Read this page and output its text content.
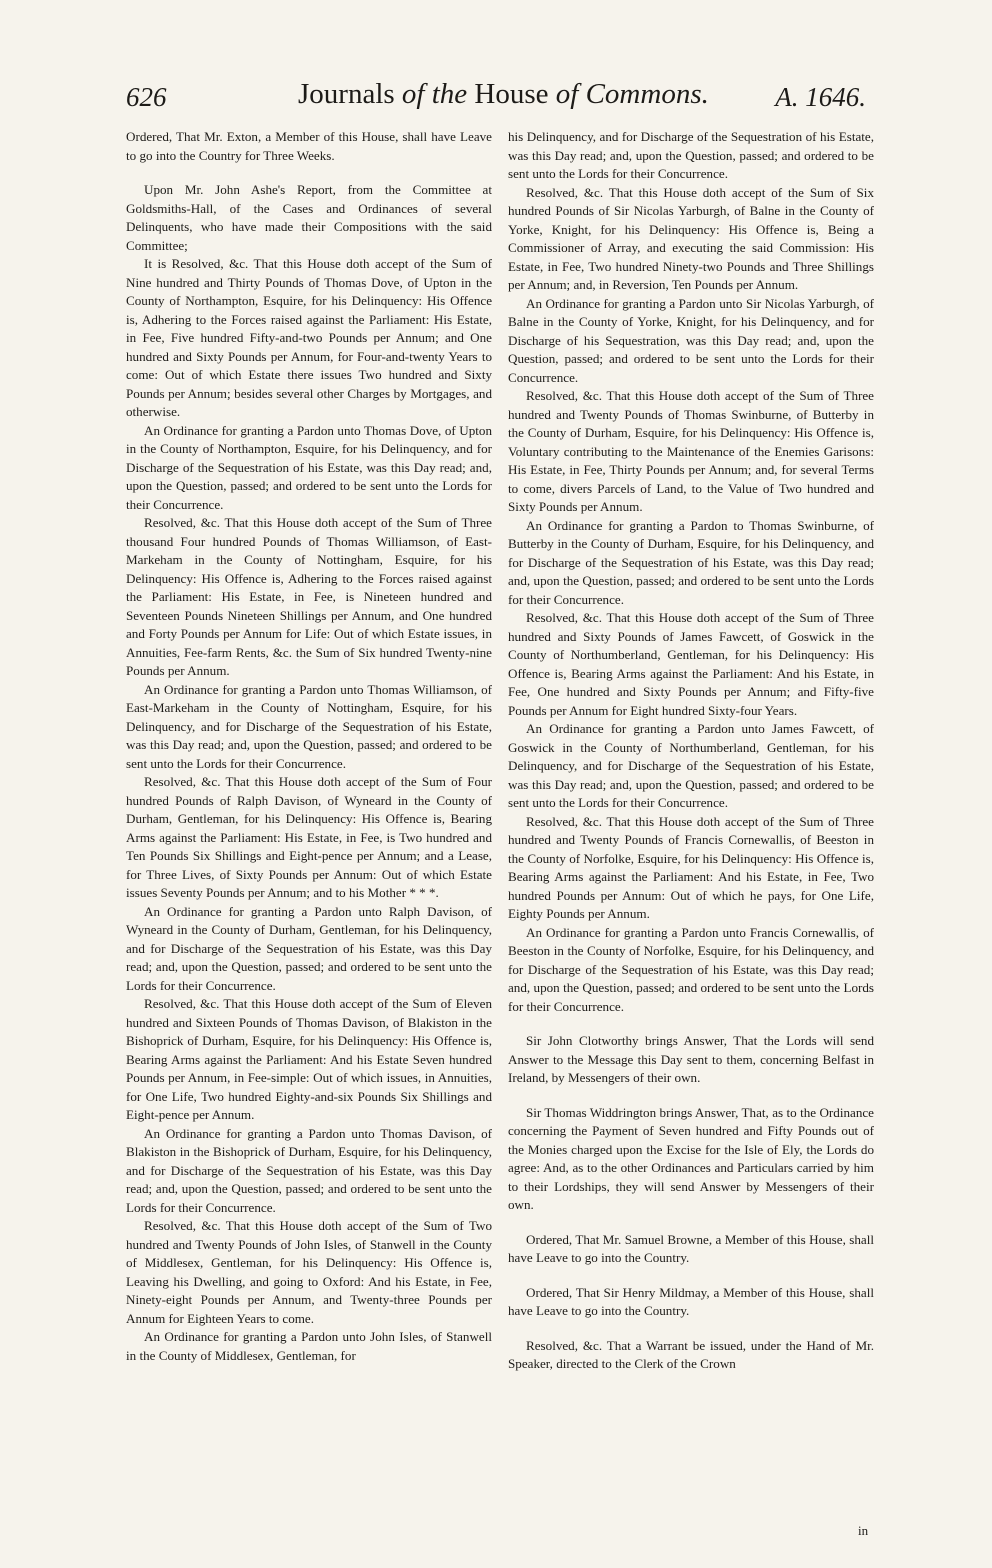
626	Journals of the House of Commons. A. 1646.

Ordered, That Mr. Exton, a Member of this House, shall have Leave to go into the Country for Three Weeks.

Upon Mr. John Ashe's Report, from the Committee at Goldsmiths-Hall, of the Cases and Ordinances of several Delinquents, who have made their Compositions with the said Committee;

It is Resolved, &c. That this House doth accept of the Sum of Nine hundred and Thirty Pounds of Thomas Dove, of Upton in the County of Northampton, Esquire, for his Delinquency: His Offence is, Adhering to the Forces raised against the Parliament: His Estate, in Fee, Five hundred Fifty-and-two Pounds per Annum; and One hundred and Sixty Pounds per Annum, for Four-and-twenty Years to come: Out of which Estate there issues Two hundred and Sixty Pounds per Annum; besides several other Charges by Mortgages, and otherwise.

An Ordinance for granting a Pardon unto Thomas Dove, of Upton in the County of Northampton, Esquire, for his Delinquency, and for Discharge of the Sequestration of his Estate, was this Day read; and, upon the Question, passed; and ordered to be sent unto the Lords for their Concurrence.

Resolved, &c. That this House doth accept of the Sum of Three thousand Four hundred Pounds of Thomas Williamson, of East-Markeham in the County of Nottingham, Esquire, for his Delinquency: His Offence is, Adhering to the Forces raised against the Parliament: His Estate, in Fee, is Nineteen hundred and Seventeen Pounds Nineteen Shillings per Annum, and One hundred and Forty Pounds per Annum for Life: Out of which Estate issues, in Annuities, Fee-farm Rents, &c. the Sum of Six hundred Twenty-nine Pounds per Annum.

An Ordinance for granting a Pardon unto Thomas Williamson, of East-Markeham in the County of Nottingham, Esquire, for his Delinquency, and for Discharge of the Sequestration of his Estate, was this Day read; and, upon the Question, passed; and ordered to be sent unto the Lords for their Concurrence.

Resolved, &c. That this House doth accept of the Sum of Four hundred Pounds of Ralph Davison, of Wyneard in the County of Durham, Gentleman, for his Delinquency: His Offence is, Bearing Arms against the Parliament: His Estate, in Fee, is Two hundred and Ten Pounds Six Shillings and Eight-pence per Annum; and a Lease, for Three Lives, of Sixty Pounds per Annum: Out of which Estate issues Seventy Pounds per Annum; and to his Mother * * *.

An Ordinance for granting a Pardon unto Ralph Davison, of Wyneard in the County of Durham, Gentleman, for his Delinquency, and for Discharge of the Sequestration of his Estate, was this Day read; and, upon the Question, passed; and ordered to be sent unto the Lords for their Concurrence.

Resolved, &c. That this House doth accept of the Sum of Eleven hundred and Sixteen Pounds of Thomas Davison, of Blakiston in the Bishoprick of Durham, Esquire, for his Delinquency: His Offence is, Bearing Arms against the Parliament: And his Estate Seven hundred Pounds per Annum, in Fee-simple: Out of which issues, in Annuities, for One Life, Two hundred Eighty-and-six Pounds Six Shillings and Eight-pence per Annum.

An Ordinance for granting a Pardon unto Thomas Davison, of Blakiston in the Bishoprick of Durham, Esquire, for his Delinquency, and for Discharge of the Sequestration of his Estate, was this Day read; and, upon the Question, passed; and ordered to be sent unto the Lords for their Concurrence.

Resolved, &c. That this House doth accept of the Sum of Two hundred and Twenty Pounds of John Isles, of Stanwell in the County of Middlesex, Gentleman, for his Delinquency: His Offence is, Leaving his Dwelling, and going to Oxford: And his Estate, in Fee, Ninety-eight Pounds per Annum, and Twenty-three Pounds per Annum for Eighteen Years to come.

An Ordinance for granting a Pardon unto John Isles, of Stanwell in the County of Middlesex, Gentleman, for

his Delinquency, and for Discharge of the Sequestration of his Estate, was this Day read; and, upon the Question, passed; and ordered to be sent unto the Lords for their Concurrence.

Resolved, &c. That this House doth accept of the Sum of Six hundred Pounds of Sir Nicolas Yarburgh, of Balne in the County of Yorke, Knight, for his Delinquency: His Offence is, Being a Commissioner of Array, and executing the said Commission: His Estate, in Fee, Two hundred Ninety-two Pounds and Three Shillings per Annum; and, in Reversion, Ten Pounds per Annum.

An Ordinance for granting a Pardon unto Sir Nicolas Yarburgh, of Balne in the County of Yorke, Knight, for his Delinquency, and for Discharge of his Sequestration, was this Day read; and, upon the Question, passed; and ordered to be sent unto the Lords for their Concurrence.

Resolved, &c. That this House doth accept of the Sum of Three hundred and Twenty Pounds of Thomas Swinburne, of Butterby in the County of Durham, Esquire, for his Delinquency: His Offence is, Voluntary contributing to the Maintenance of the Enemies Garisons: His Estate, in Fee, Thirty Pounds per Annum; and, for several Terms to come, divers Parcels of Land, to the Value of Two hundred and Sixty Pounds per Annum.

An Ordinance for granting a Pardon to Thomas Swinburne, of Butterby in the County of Durham, Esquire, for his Delinquency, and for Discharge of the Sequestration of his Estate, was this Day read; and, upon the Question, passed; and ordered to be sent unto the Lords for their Concurrence.

Resolved, &c. That this House doth accept of the Sum of Three hundred and Sixty Pounds of James Fawcett, of Goswick in the County of Northumberland, Gentleman, for his Delinquency: His Offence is, Bearing Arms against the Parliament: And his Estate, in Fee, One hundred and Sixty Pounds per Annum; and Fifty-five Pounds per Annum for Eight hundred Sixty-four Years.

An Ordinance for granting a Pardon unto James Fawcett, of Goswick in the County of Northumberland, Gentleman, for his Delinquency, and for Discharge of the Sequestration of his Estate, was this Day read; and, upon the Question, passed; and ordered to be sent unto the Lords for their Concurrence.

Resolved, &c. That this House doth accept of the Sum of Three hundred and Twenty Pounds of Francis Cornewallis, of Beeston in the County of Norfolke, Esquire, for his Delinquency: His Offence is, Bearing Arms against the Parliament: And his Estate, in Fee, Two hundred Pounds per Annum: Out of which he pays, for One Life, Eighty Pounds per Annum.

An Ordinance for granting a Pardon unto Francis Cornewallis, of Beeston in the County of Norfolke, Esquire, for his Delinquency, and for Discharge of the Sequestration of his Estate, was this Day read; and, upon the Question, passed; and ordered to be sent unto the Lords for their Concurrence.

Sir John Clotworthy brings Answer, That the Lords will send Answer to the Message this Day sent to them, concerning Belfast in Ireland, by Messengers of their own.

Sir Thomas Widdrington brings Answer, That, as to the Ordinance concerning the Payment of Seven hundred and Fifty Pounds out of the Monies charged upon the Excise for the Isle of Ely, the Lords do agree: And, as to the other Ordinances and Particulars carried by him to their Lordships, they will send Answer by Messengers of their own.

Ordered, That Mr. Samuel Browne, a Member of this House, shall have Leave to go into the Country.

Ordered, That Sir Henry Mildmay, a Member of this House, shall have Leave to go into the Country.

Resolved, &c. That a Warrant be issued, under the Hand of Mr. Speaker, directed to the Clerk of the Crown

in
